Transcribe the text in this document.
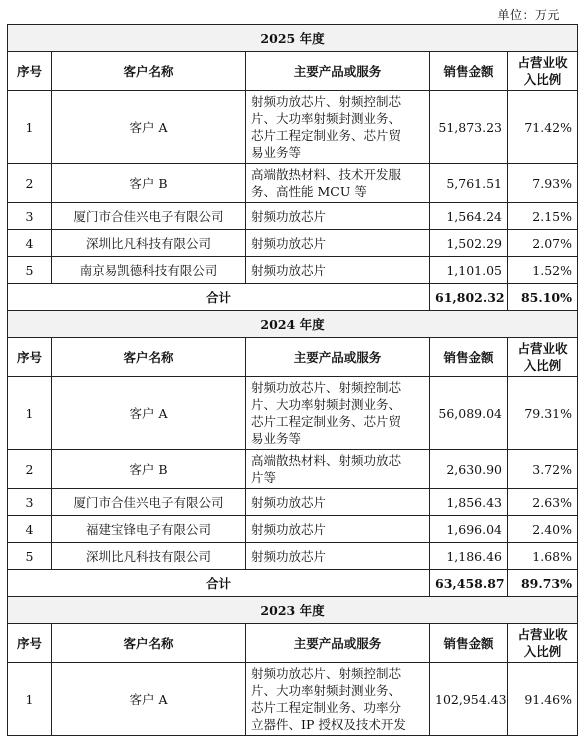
单位：万元
2025 年度				
序号	客户名称	主要产品或服务	销售金额	占营业收
入比例
1	客户 A	射频功放芯片、射频控制芯
片、大功率射频封测业务、
芯片工程定制业务、芯片贸
易业务等	51,873.23	71.42%
2	客户 B	高端散热材料、技术开发服
务、高性能 MCU 等	5,761.51	7.93%
3	厦门市合佳兴电子有限公司	射频功放芯片	1,564.24	2.15%
4	深圳比凡科技有限公司	射频功放芯片	1,502.29	2.07%
5	南京易凯德科技有限公司	射频功放芯片	1,101.05	1.52%
合计			61,802.32	85.10%
2024 年度				
序号	客户名称	主要产品或服务	销售金额	占营业收
入比例
1	客户 A	射频功放芯片、射频控制芯
片、大功率射频封测业务、
芯片工程定制业务、芯片贸
易业务等	56,089.04	79.31%
2	客户 B	高端散热材料、射频功放芯
片等	2,630.90	3.72%
3	厦门市合佳兴电子有限公司	射频功放芯片	1,856.43	2.63%
4	福建宝锋电子有限公司	射频功放芯片	1,696.04	2.40%
5	深圳比凡科技有限公司	射频功放芯片	1,186.46	1.68%
合计			63,458.87	89.73%
2023 年度				
序号	客户名称	主要产品或服务	销售金额	占营业收
入比例
1	客户 A	射频功放芯片、射频控制芯
片、大功率射频封测业务、
芯片工程定制业务、功率分
立器件、IP 授权及技术开发	102,954.43	91.46%
